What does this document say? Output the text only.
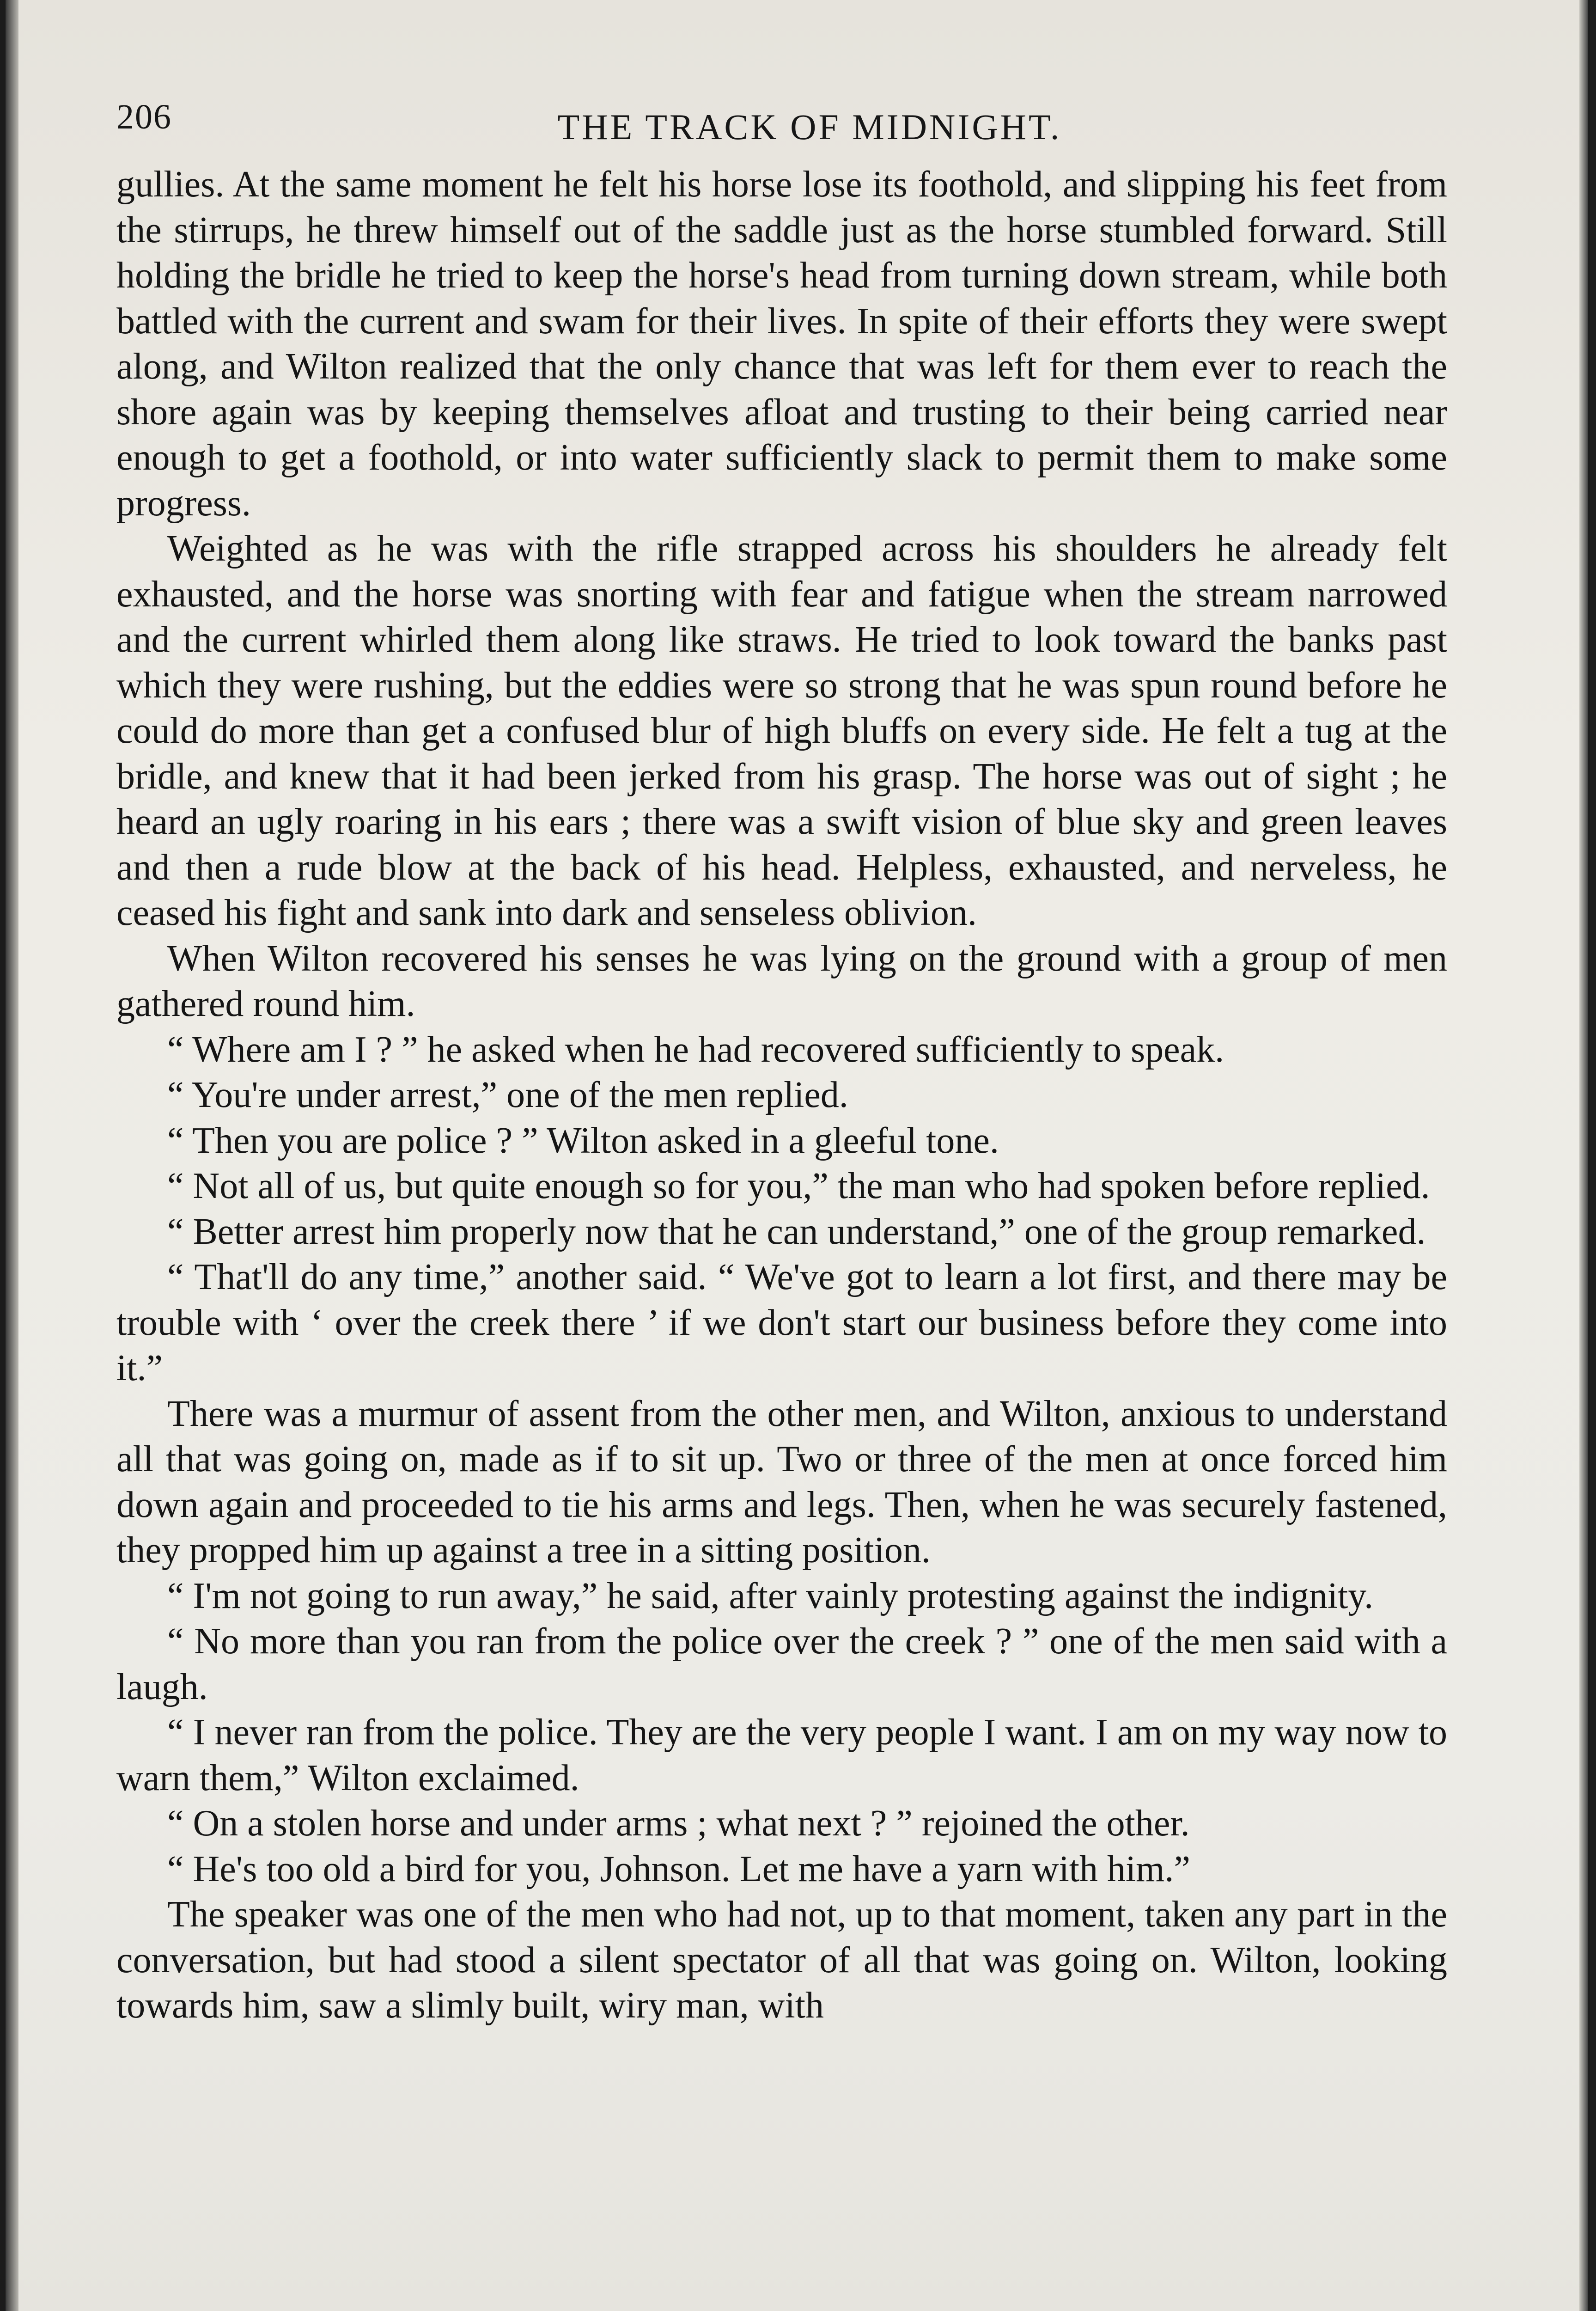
206	THE TRACK OF MIDNIGHT.

gullies. At the same moment he felt his horse lose its foothold, and slipping his feet from the stirrups, he threw himself out of the saddle just as the horse stumbled forward. Still holding the bridle he tried to keep the horse's head from turning down stream, while both battled with the current and swam for their lives. In spite of their efforts they were swept along, and Wilton realized that the only chance that was left for them ever to reach the shore again was by keeping themselves afloat and trusting to their being carried near enough to get a foothold, or into water sufficiently slack to permit them to make some progress.

Weighted as he was with the rifle strapped across his shoulders he already felt exhausted, and the horse was snorting with fear and fatigue when the stream narrowed and the current whirled them along like straws. He tried to look toward the banks past which they were rushing, but the eddies were so strong that he was spun round before he could do more than get a confused blur of high bluffs on every side. He felt a tug at the bridle, and knew that it had been jerked from his grasp. The horse was out of sight ; he heard an ugly roaring in his ears ; there was a swift vision of blue sky and green leaves and then a rude blow at the back of his head. Helpless, exhausted, and nerveless, he ceased his fight and sank into dark and senseless oblivion.

When Wilton recovered his senses he was lying on the ground with a group of men gathered round him.

“ Where am I ? ” he asked when he had recovered sufficiently to speak.

“ You're under arrest,” one of the men replied.

“ Then you are police ? ” Wilton asked in a gleeful tone.

“ Not all of us, but quite enough so for you,” the man who had spoken before replied.

“ Better arrest him properly now that he can understand,” one of the group remarked.

“ That'll do any time,” another said. “ We've got to learn a lot first, and there may be trouble with ‘ over the creek there ’ if we don't start our business before they come into it.”

There was a murmur of assent from the other men, and Wilton, anxious to understand all that was going on, made as if to sit up. Two or three of the men at once forced him down again and proceeded to tie his arms and legs. Then, when he was securely fastened, they propped him up against a tree in a sitting position.

“ I'm not going to run away,” he said, after vainly protesting against the indignity.

“ No more than you ran from the police over the creek ? ” one of the men said with a laugh.

“ I never ran from the police. They are the very people I want. I am on my way now to warn them,” Wilton exclaimed.

“ On a stolen horse and under arms ; what next ? ” rejoined the other.

“ He's too old a bird for you, Johnson. Let me have a yarn with him.”

The speaker was one of the men who had not, up to that moment, taken any part in the conversation, but had stood a silent spectator of all that was going on. Wilton, looking towards him, saw a slimly built, wiry man, with
